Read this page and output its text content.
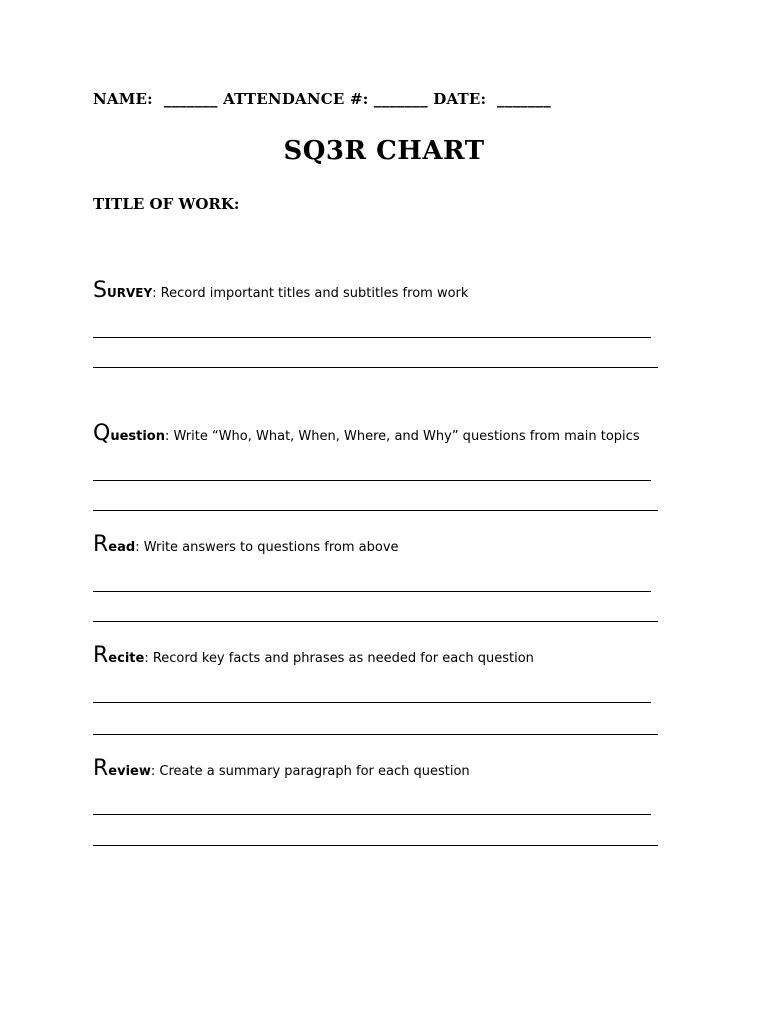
NAME:  _______ ATTENDANCE #: _______ DATE:  _______
SQ3R CHART
TITLE OF WORK:
SURVEY: Record important titles and subtitles from work
Question: Write “Who, What, When, Where, and Why” questions from main topics
Read: Write answers to questions from above
Recite: Record key facts and phrases as needed for each question
Review: Create a summary paragraph for each question
